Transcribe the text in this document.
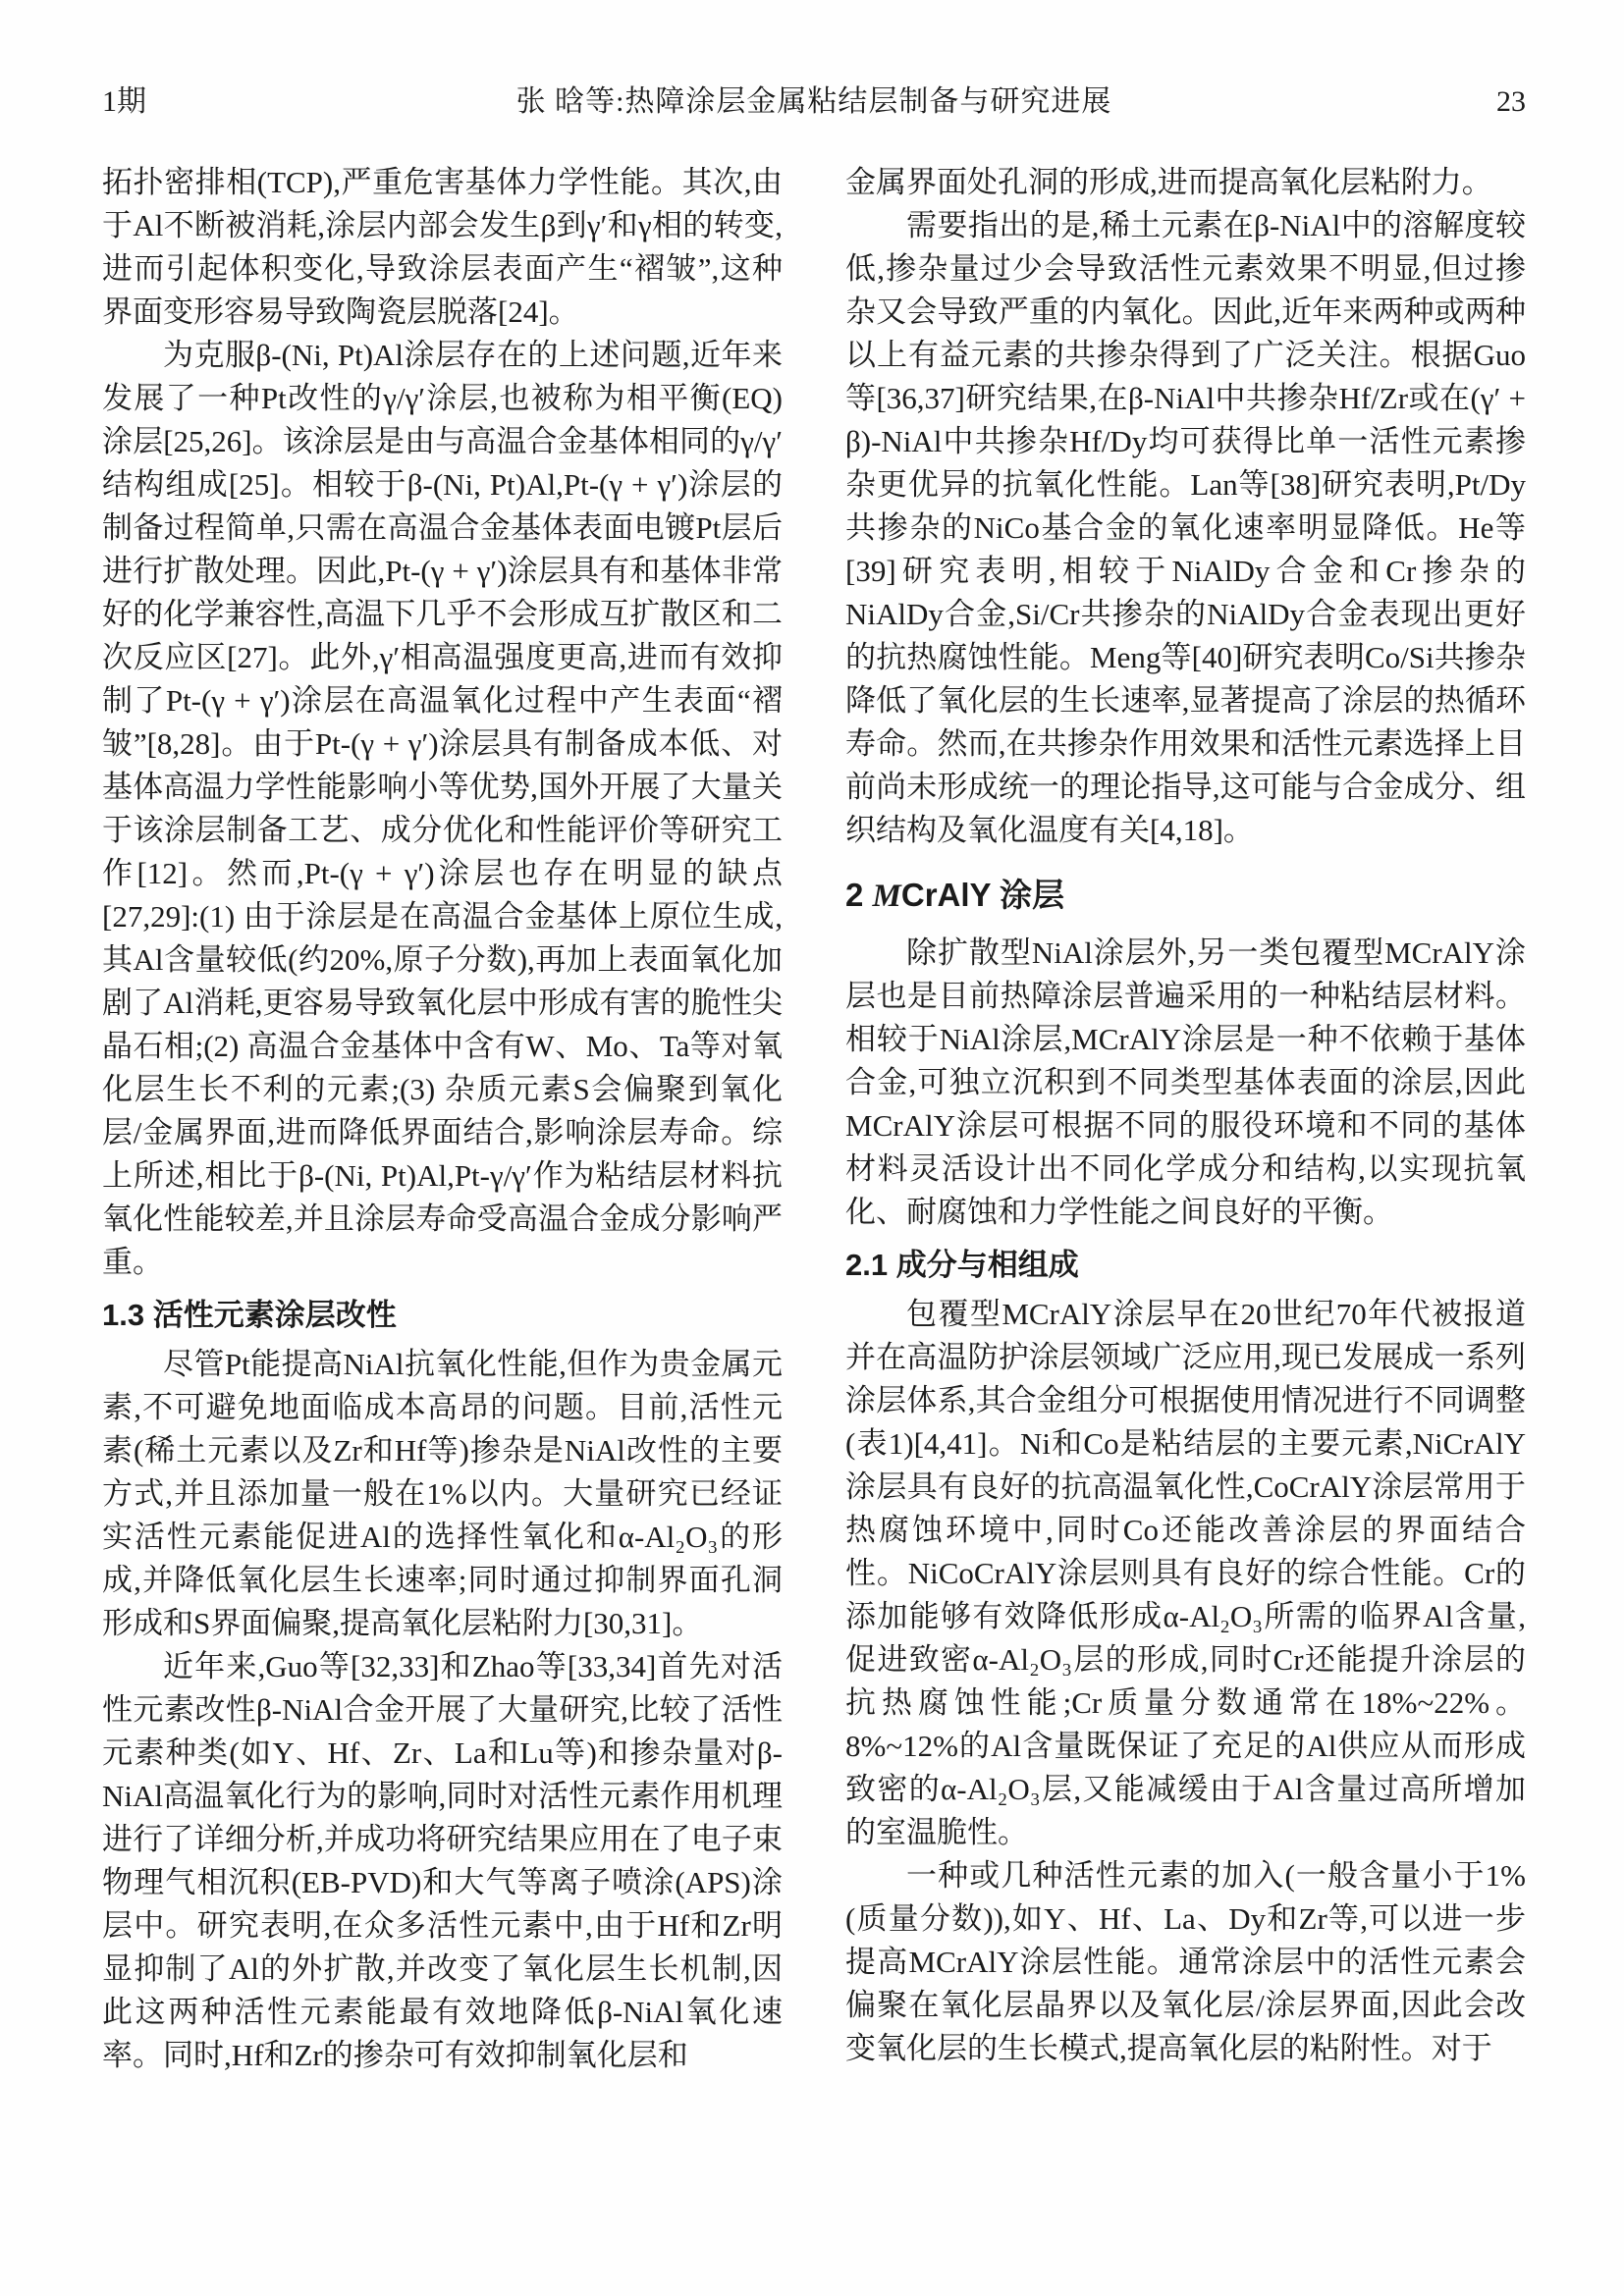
1期	张 晗等:热障涂层金属粘结层制备与研究进展	23

拓扑密排相(TCP),严重危害基体力学性能。其次,由于Al不断被消耗,涂层内部会发生β到γ′和γ相的转变,进而引起体积变化,导致涂层表面产生“褶皱”,这种界面变形容易导致陶瓷层脱落[24]。

为克服β-(Ni, Pt)Al涂层存在的上述问题,近年来发展了一种Pt改性的γ/γ′涂层,也被称为相平衡(EQ)涂层[25,26]。该涂层是由与高温合金基体相同的γ/γ′结构组成[25]。相较于β-(Ni, Pt)Al,Pt-(γ + γ′)涂层的制备过程简单,只需在高温合金基体表面电镀Pt层后进行扩散处理。因此,Pt-(γ + γ′)涂层具有和基体非常好的化学兼容性,高温下几乎不会形成互扩散区和二次反应区[27]。此外,γ′相高温强度更高,进而有效抑制了Pt-(γ + γ′)涂层在高温氧化过程中产生表面“褶皱”[8,28]。由于Pt-(γ + γ′)涂层具有制备成本低、对基体高温力学性能影响小等优势,国外开展了大量关于该涂层制备工艺、成分优化和性能评价等研究工作[12]。然而,Pt-(γ + γ′)涂层也存在明显的缺点[27,29]:(1) 由于涂层是在高温合金基体上原位生成,其Al含量较低(约20%,原子分数),再加上表面氧化加剧了Al消耗,更容易导致氧化层中形成有害的脆性尖晶石相;(2) 高温合金基体中含有W、Mo、Ta等对氧化层生长不利的元素;(3) 杂质元素S会偏聚到氧化层/金属界面,进而降低界面结合,影响涂层寿命。综上所述,相比于β-(Ni, Pt)Al,Pt-γ/γ′作为粘结层材料抗氧化性能较差,并且涂层寿命受高温合金成分影响严重。

1.3 活性元素涂层改性

尽管Pt能提高NiAl抗氧化性能,但作为贵金属元素,不可避免地面临成本高昂的问题。目前,活性元素(稀土元素以及Zr和Hf等)掺杂是NiAl改性的主要方式,并且添加量一般在1%以内。大量研究已经证实活性元素能促进Al的选择性氧化和α-Al₂O₃的形成,并降低氧化层生长速率;同时通过抑制界面孔洞形成和S界面偏聚,提高氧化层粘附力[30,31]。

近年来,Guo等[32,33]和Zhao等[33,34]首先对活性元素改性β-NiAl合金开展了大量研究,比较了活性元素种类(如Y、Hf、Zr、La和Lu等)和掺杂量对β-NiAl高温氧化行为的影响,同时对活性元素作用机理进行了详细分析,并成功将研究结果应用在了电子束物理气相沉积(EB-PVD)和大气等离子喷涂(APS)涂层中。研究表明,在众多活性元素中,由于Hf和Zr明显抑制了Al的外扩散,并改变了氧化层生长机制,因此这两种活性元素能最有效地降低β-NiAl氧化速率。同时,Hf和Zr的掺杂可有效抑制氧化层和

金属界面处孔洞的形成,进而提高氧化层粘附力。

需要指出的是,稀土元素在β-NiAl中的溶解度较低,掺杂量过少会导致活性元素效果不明显,但过掺杂又会导致严重的内氧化。因此,近年来两种或两种以上有益元素的共掺杂得到了广泛关注。根据Guo等[36,37]研究结果,在β-NiAl中共掺杂Hf/Zr或在(γ′ + β)-NiAl中共掺杂Hf/Dy均可获得比单一活性元素掺杂更优异的抗氧化性能。Lan等[38]研究表明,Pt/Dy共掺杂的NiCo基合金的氧化速率明显降低。He等[39]研究表明,相较于NiAlDy合金和Cr掺杂的NiAlDy合金,Si/Cr共掺杂的NiAlDy合金表现出更好的抗热腐蚀性能。Meng等[40]研究表明Co/Si共掺杂降低了氧化层的生长速率,显著提高了涂层的热循环寿命。然而,在共掺杂作用效果和活性元素选择上目前尚未形成统一的理论指导,这可能与合金成分、组织结构及氧化温度有关[4,18]。

2 MCrAlY 涂层

除扩散型NiAl涂层外,另一类包覆型MCrAlY涂层也是目前热障涂层普遍采用的一种粘结层材料。相较于NiAl涂层,MCrAlY涂层是一种不依赖于基体合金,可独立沉积到不同类型基体表面的涂层,因此MCrAlY涂层可根据不同的服役环境和不同的基体材料灵活设计出不同化学成分和结构,以实现抗氧化、耐腐蚀和力学性能之间良好的平衡。

2.1 成分与相组成

包覆型MCrAlY涂层早在20世纪70年代被报道并在高温防护涂层领域广泛应用,现已发展成一系列涂层体系,其合金组分可根据使用情况进行不同调整(表1)[4,41]。Ni和Co是粘结层的主要元素,NiCrAlY涂层具有良好的抗高温氧化性,CoCrAlY涂层常用于热腐蚀环境中,同时Co还能改善涂层的界面结合性。NiCoCrAlY涂层则具有良好的综合性能。Cr的添加能够有效降低形成α-Al₂O₃所需的临界Al含量,促进致密α-Al₂O₃层的形成,同时Cr还能提升涂层的抗热腐蚀性能;Cr质量分数通常在18%~22%。8%~12%的Al含量既保证了充足的Al供应从而形成致密的α-Al₂O₃层,又能减缓由于Al含量过高所增加的室温脆性。

一种或几种活性元素的加入(一般含量小于1%(质量分数)),如Y、Hf、La、Dy和Zr等,可以进一步提高MCrAlY涂层性能。通常涂层中的活性元素会偏聚在氧化层晶界以及氧化层/涂层界面,因此会改变氧化层的生长模式,提高氧化层的粘附性。对于
